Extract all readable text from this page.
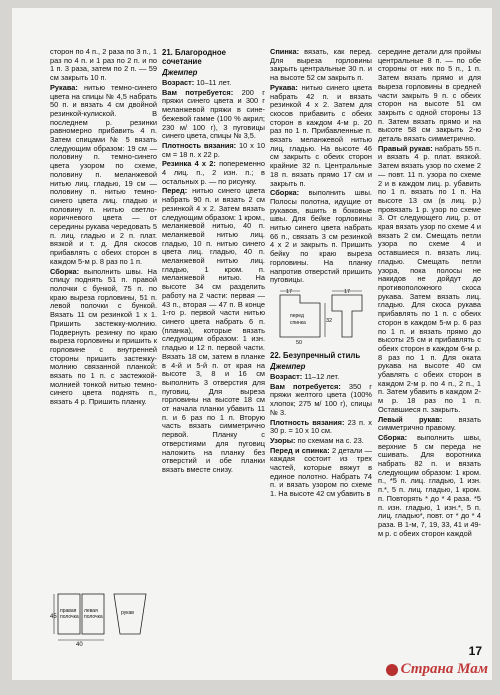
сторон по 4 п., 2 раза по 3 п., 1 раз по 4 п. и 1 раз по 2 п. и по 1 п. 3 раза, затем по 2 п. — 59 см закрыть 10 п.

Рукава: нитью темно-синего цвета на спицы № 4,5 набрать 50 п. и вязать 4 см двойной резинкой-кулиской. В последнем р. резинки равномерно прибавить 4 п. Затем спицами № 5 вязать следующим образом: 19 см — половину п. темно-синего цвета узором по схеме, половину п. меланжевой нитью лиц. гладью, 19 см — половину п. нитью темно-синего цвета лиц. гладью и половину п. нитью светло-коричневого цвета — от середины рукава чередовать 5 п. лиц. гладью и 2 п. плат. вязкой и т. д. Для скосов прибавлять с обеих сторон в каждом 5-м р. 8 раз по 1 п.

Сборка: выполнить швы. На спицу поднять 51 п. правой полочки с бункой, 75 п. по краю выреза горловины, 51 п. левой полочки с бункой. Вязать 11 см резинкой 1 х 1. Пришить застежку-молнию. Подвернуть резинку по краю выреза горловины и пришить к горловине с внутренней стороны пришить застежку-молнию связанной планкой: вязать по 1 п. с застежкой-молнией тонкой нитью темно-синего цвета поднять п., вязать 4 р. Пришить планку.

45
40
правая
полочка
левая
полочка
рукав
21. Благородное сочетание
Джемпер

Возраст: 10–11 лет.

Вам потребуется: 200 г пряжи синего цвета и 300 г меланжевой пряжи в сине-бежевой гамме (100 % акрил; 230 м/ 100 г), 3 пуговицы синего цвета, спицы № 3,5.

Плотность вязания: 10 х 10 см = 18 п. х 22 р.

Резинка 4 х 2: попеременно 4 лиц. п., 2 изн. п.; в остальных р. — по рисунку.

Перед: нитью синего цвета набрать 90 п. и вязать 2 см резинкой 4 х 2. Затем вязать следующим образом: 1 кром., меланжевой нитью, 40 п. меланжевой нитью лиц. гладью, 10 п. нитью синего цвета лиц. гладью, 40 п. меланжевой нитью лиц. гладью, 1 кром. п. меланжевой нитью. На высоте 34 см разделить работу на 2 части: первая — 43 п., вторая — 47 п. В конце 1-го р. первой части нитью синего цвета набрать 6 п. (планка), которые вязать следующим образом: 1 изн. гладью и 12 п. первой части. Вязать 18 см, затем в планке в 4-й и 5-й п. от края на высоте 3, 8 и 16 см выполнить 3 отверстия для пуговиц. Для выреза горловины на высоте 18 см от начала планки убавить 11 п. и 6 раз по 1 п. Вторую часть вязать симметрично первой. Планку с отверстиями для пуговиц наложить на планку без отверстий и обе планки вязать вместе снизу.

Спинка: вязать, как перед. Для выреза горловины закрыть центральные 30 п. и на высоте 52 см закрыть п.

Рукава: нитью синего цвета набрать 42 п. и вязать резинкой 4 х 2. Затем для скосов прибавить с обеих сторон в каждом 4-м р. 20 раз по 1 п. Прибавленные п. вязать меланжевой нитью лиц. гладью. На высоте 46 см закрыть с обеих сторон крайние 32 п. Центральные 18 п. вязать прямо 17 см и закрыть п.

Сборка: выполнить швы. Полосы полотна, идущие от рукавов, вшить в боковые швы. Для бейке горловины нитью синего цвета набрать 66 п., связать 3 см резинкой 4 х 2 и закрыть п. Пришить бейку по краю выреза горловины. На планку напротив отверстий пришить пуговицы.

17	17
32
перед
спинка
50
22. Безупречный стиль
Джемпер

Возраст: 11–12 лет.

Вам потребуется: 350 г пряжи желтого цвета (100% хлопок; 275 м/ 100 г), спицы № 3.

Плотность вязания: 23 п. х 30 р. = 10 х 10 см.

Узоры: по схемам на с. 23.

Перед и спинка: 2 детали — каждая состоит из трех частей, которые вяжут в единое полотно. Набрать 74 п. и вязать узором по схеме 1. На высоте 42 см убавить в

середине детали для проймы центральные 8 п. — по обе стороны от них по 5 п., 1 п. Затем вязать прямо и для выреза горловины в средней части закрыть 9 п. с обеих сторон на высоте 51 см закрыть с одной стороны 13 п. Затем вязать прямо и на высоте 58 см закрыть 2-ю деталь вязать симметрично.

Правый рукав: набрать 55 п. и вязать 4 р. плат. вязкой. Затем вязать узор по схеме 2 — повт. 11 п. узора по схеме 2 и в каждом лиц. р. убавить по 1 п. вязать по 1 п. На высоте 13 см (в лиц. р.) провязать 1 р. узор по схеме 3. От следующего лиц. р. от края вязать узор по схеме 4 и вязать 2 см. Смещать петли узора по схеме 4 и оставшиеся п. вязать лиц. гладью. Смещать петли узора, пока полосы не накидов не дойдут до противоположного скоса рукава. Затем вязать лиц. гладью. Для скоса рукава прибавлять по 1 п. с обеих сторон в каждом 5-м р. 6 раз по 1 п. и вязать прямо до высоты 25 см и прибавлять с обеих сторон в каждом 6-м р. 8 раз по 1 п. Для оката рукава на высоте 40 см убавлять с обеих сторон в каждом 2-м р. по 4 п., 2 п., 1 п. Затем убавить в каждом 2-м р. 18 раз по 1 п. Оставшиеся п. закрыть.

Левый рукав: вязать симметрично правому.

Сборка: выполнить швы, верхние 5 см переда не сшивать. Для воротника набрать 82 п. и вязать следующим образом: 1 кром. п., *5 п. лиц. гладью, 1 изн. п.*, 5 п. лиц. гладью, 1 кром. п. Повторять * до * 4 раза. *5 п. изн. гладью, 1 изн.*, 5 п. лиц. гладью*, повт. от * до * 4 раза. В 1-м, 7, 19, 33, 41 и 49-м р. с обеих сторон каждой

17
Страна Мам
